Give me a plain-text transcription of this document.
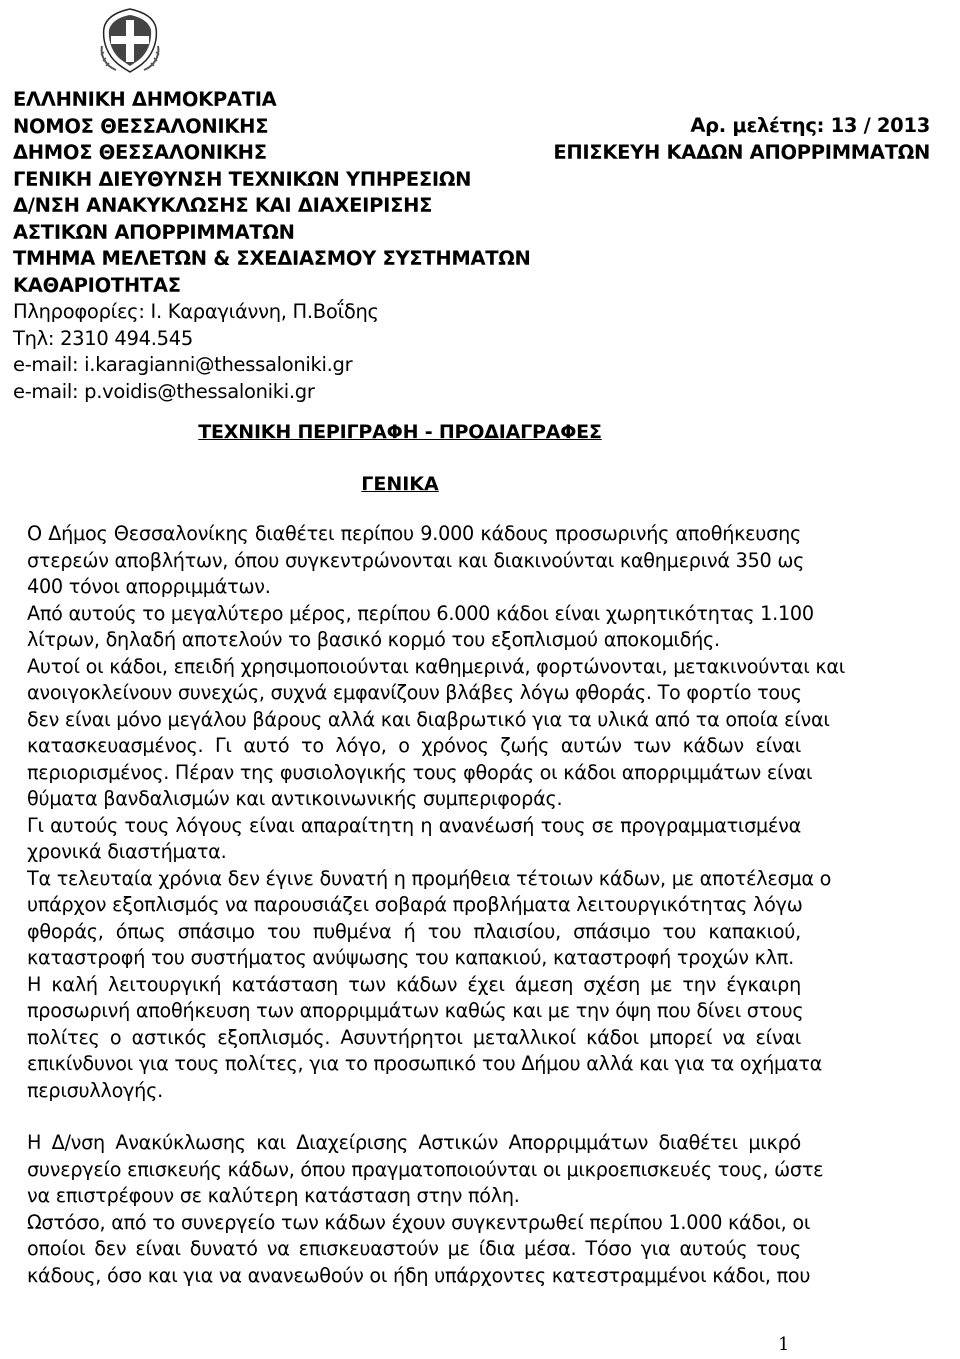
ΕΛΛΗΝΙΚΗ ΔΗΜΟΚΡΑΤΙΑ
ΝΟΜΟΣ ΘΕΣΣΑΛΟΝΙΚΗΣ
ΔΗΜΟΣ ΘΕΣΣΑΛΟΝΙΚΗΣ
ΓΕΝΙΚΗ ΔΙΕΥΘΥΝΣΗ ΤΕΧΝΙΚΩΝ ΥΠΗΡΕΣΙΩΝ
Δ/ΝΣΗ ΑΝΑΚΥΚΛΩΣΗΣ ΚΑΙ ΔΙΑΧΕΙΡΙΣΗΣ
ΑΣΤΙΚΩΝ ΑΠΟΡΡΙΜΜΑΤΩΝ
ΤΜΗΜΑ ΜΕΛΕΤΩΝ & ΣΧΕΔΙΑΣΜΟΥ ΣΥΣΤΗΜΑΤΩΝ
ΚΑΘΑΡΙΟΤΗΤΑΣ
Πληροφορίες: Ι. Καραγιάννη, Π.Βοΐδης
Τηλ: 2310 494.545
e-mail: i.karagianni@thessaloniki.gr
e-mail: p.voidis@thessaloniki.gr
Αρ. μελέτης: 13 / 2013
ΕΠΙΣΚΕΥΗ ΚΑΔΩΝ ΑΠΟΡΡΙΜΜΑΤΩΝ
ΤΕΧΝΙΚΗ ΠΕΡΙΓΡΑΦΗ - ΠΡΟΔΙΑΓΡΑΦΕΣ
ΓΕΝΙΚΑ
Ο Δήμος Θεσσαλονίκης διαθέτει περίπου 9.000 κάδους προσωρινής αποθήκευσης
στερεών αποβλήτων, όπου συγκεντρώνονται και διακινούνται καθημερινά 350 ως
400 τόνοι απορριμμάτων.
Από αυτούς το μεγαλύτερο μέρος, περίπου 6.000 κάδοι είναι χωρητικότητας 1.100
λίτρων, δηλαδή αποτελούν το βασικό κορμό του εξοπλισμού αποκομιδής.
Αυτοί οι κάδοι, επειδή χρησιμοποιούνται καθημερινά, φορτώνονται, μετακινούνται και
ανοιγοκλείνουν συνεχώς, συχνά εμφανίζουν βλάβες λόγω φθοράς. Το φορτίο τους
δεν είναι μόνο μεγάλου βάρους αλλά και διαβρωτικό για τα υλικά από τα οποία είναι
κατασκευασμένος. Γι αυτό το λόγο, ο χρόνος ζωής αυτών των κάδων είναι
περιορισμένος. Πέραν της φυσιολογικής τους φθοράς οι κάδοι απορριμμάτων είναι
θύματα βανδαλισμών και αντικοινωνικής συμπεριφοράς.
Γι αυτούς τους λόγους είναι απαραίτητη η ανανέωσή τους σε προγραμματισμένα
χρονικά διαστήματα.
Τα τελευταία χρόνια δεν έγινε δυνατή η προμήθεια τέτοιων κάδων, με αποτέλεσμα ο
υπάρχον εξοπλισμός να παρουσιάζει σοβαρά προβλήματα λειτουργικότητας λόγω
φθοράς, όπως σπάσιμο του πυθμένα ή του πλαισίου, σπάσιμο του καπακιού,
καταστροφή του συστήματος ανύψωσης του καπακιού, καταστροφή τροχών κλπ.
Η καλή λειτουργική κατάσταση των κάδων έχει άμεση σχέση με την έγκαιρη
προσωρινή αποθήκευση των απορριμμάτων καθώς και με την όψη που δίνει στους
πολίτες ο αστικός εξοπλισμός. Ασυντήρητοι μεταλλικοί κάδοι μπορεί να είναι
επικίνδυνοι για τους πολίτες, για το προσωπικό του Δήμου αλλά και για τα οχήματα
περισυλλογής.
Η Δ/νση Ανακύκλωσης και Διαχείρισης Αστικών Απορριμμάτων διαθέτει μικρό
συνεργείο επισκευής κάδων, όπου πραγματοποιούνται οι μικροεπισκευές τους, ώστε
να επιστρέφουν σε καλύτερη κατάσταση στην πόλη.
Ωστόσο, από το συνεργείο των κάδων έχουν συγκεντρωθεί περίπου 1.000 κάδοι, οι
οποίοι δεν είναι δυνατό να επισκευαστούν με ίδια μέσα. Τόσο για αυτούς τους
κάδους, όσο και για να ανανεωθούν οι ήδη υπάρχοντες κατεστραμμένοι κάδοι, που
1
